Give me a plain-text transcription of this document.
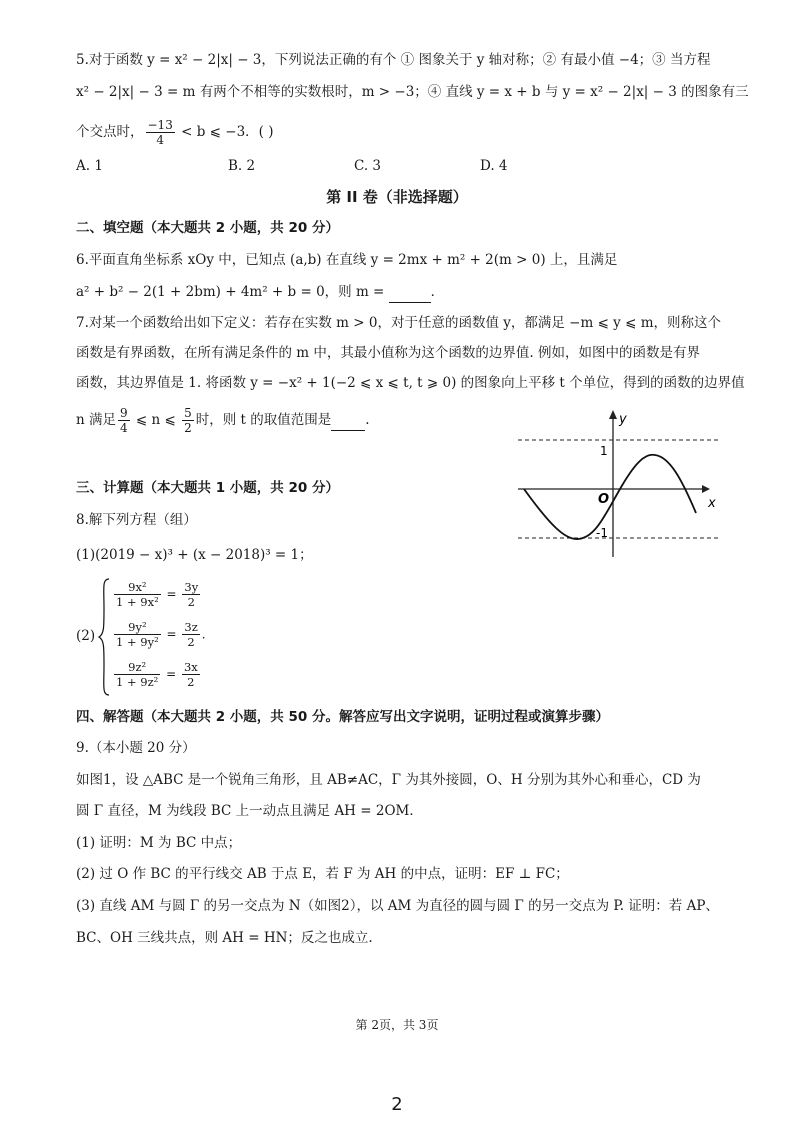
5.对于函数 y = x² − 2|x| − 3，下列说法正确的有个 ① 图象关于 y 轴对称；② 有最小值 −4；③ 当方程
x² − 2|x| − 3 = m 有两个不相等的实数根时，m > −3；④ 直线 y = x + b 与 y = x² − 2|x| − 3 的图象有三
个交点时， $\frac{-13}{4} < b$ ⩽ −3．( )
A. 1	B. 2	C. 3	D. 4
第 II 卷（非选择题）
二、填空题（本大题共 2 小题，共 20 分）
6.平面直角坐标系 xOy 中，已知点 (a,b) 在直线 y = 2mx + m² + 2(m > 0) 上，且满足
a² + b² − 2(1 + 2bm) + 4m² + b = 0，则 m =	．
7.对某一个函数给出如下定义：若存在实数 m > 0，对于任意的函数值 y，都满足 −m ⩽ y ⩽ m，则称这个
函数是有界函数，在所有满足条件的 m 中，其最小值称为这个函数的边界值. 例如，如图中的函数是有界
函数，其边界值是 1. 将函数 y = −x² + 1(−2 ⩽ x ⩽ t, t ⩾ 0) 的图象向上平移 t 个单位，得到的函数的边界值
n 满足 $\frac{9}{4}$ ⩽ n ⩽ $\frac{5}{2}$ 时，则 t 的取值范围是	.	y
x
O
1
-1
三、计算题（本大题共 1 小题，共 20 分）
8.解下列方程（组）
(1)(2019 − x)³ + (x − 2018)³ = 1；
(2)
$\frac{\text{9x²}}{\text{1 + 9x²}} = \frac{3y}{2}$
$\frac{\text{9y²}}{\text{1 + 9y²}} = \frac{3z}{2}$ ．
$\frac{\text{9z²}}{\text{1 + 9z²}} = \frac{3x}{2}$
四、解答题（本大题共 2 小题，共 50 分。解答应写出文字说明，证明过程或演算步骤）
9.（本小题 20 分）
如图1，设 △ABC 是一个锐角三角形，且 AB≠AC，Γ 为其外接圆，O、H 分别为其外心和垂心，CD 为
圆 Γ 直径，M 为线段 BC 上一动点且满足 AH = 2OM．
(1) 证明：M 为 BC 中点；
(2) 过 O 作 BC 的平行线交 AB 于点 E，若 F 为 AH 的中点，证明：EF ⊥ FC；
(3) 直线 AM 与圆 Γ 的另一交点为 N（如图2），以 AM 为直径的圆与圆 Γ 的另一交点为 P. 证明：若 AP、
BC、OH 三线共点，则 AH = HN；反之也成立.
第 2页，共 3页
2
